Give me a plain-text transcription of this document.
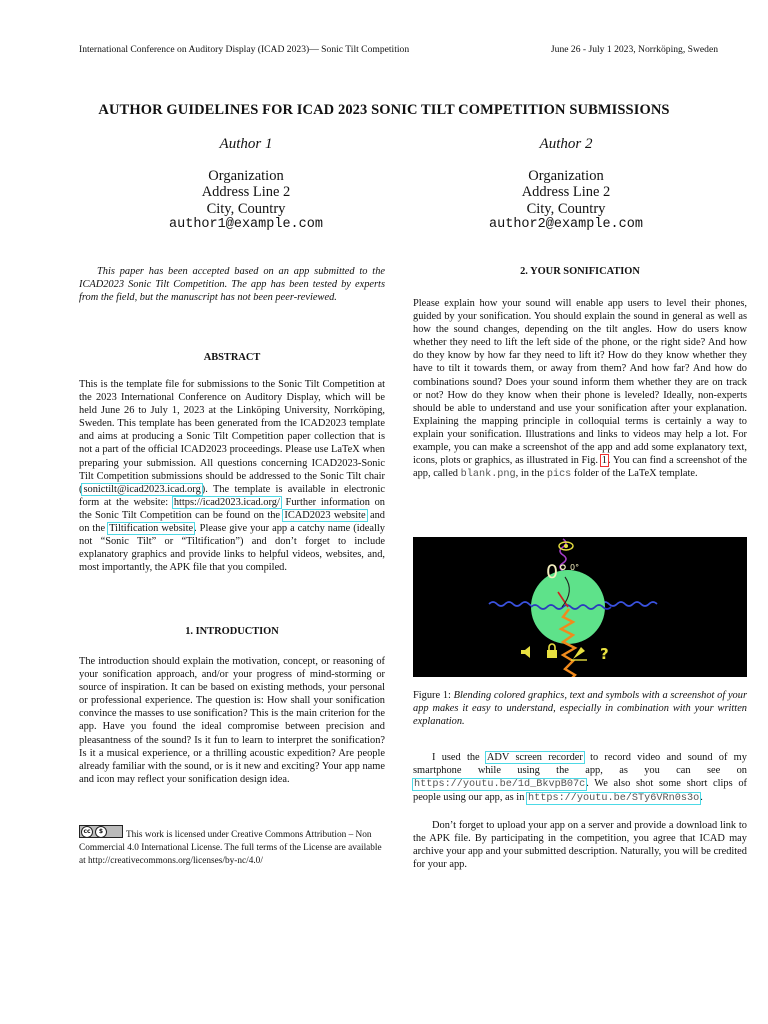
International Conference on Auditory Display (ICAD 2023)— Sonic Tilt Competition	June 26 - July 1 2023, Norrköping, Sweden
AUTHOR GUIDELINES FOR ICAD 2023 SONIC TILT COMPETITION SUBMISSIONS
Author 1
Organization
Address Line 2
City, Country
author1@example.com
Author 2
Organization
Address Line 2
City, Country
author2@example.com
This paper has been accepted based on an app submitted to the ICAD2023 Sonic Tilt Competition. The app has been tested by experts from the field, but the manuscript has not been peer-reviewed.
ABSTRACT
This is the template file for submissions to the Sonic Tilt Competition at the 2023 International Conference on Auditory Display, which will be held June 26 to July 1, 2023 at the Linköping University, Norrköping, Sweden. This template has been generated from the ICAD2023 template and aims at producing a Sonic Tilt Competition paper collection that is not a part of the official ICAD2023 proceedings. Please use LaTeX when preparing your submission. All questions concerning ICAD2023-Sonic Tilt Competition submissions should be addressed to the Sonic Tilt chair (sonictilt@icad2023.icad.org). The template is available in electronic form at the website: https://icad2023.icad.org/ Further information on the Sonic Tilt Competition can be found on the ICAD2023 website and on the Tiltification website. Please give your app a catchy name (ideally not “Sonic Tilt” or “Tiltification”) and don’t forget to include explanatory graphics and provide links to helpful videos, websites, and, most importantly, the APK file that you compiled.
1. INTRODUCTION
The introduction should explain the motivation, concept, or reasoning of your sonification approach, and/or your progress of mind-storming or source of inspiration. It can be based on existing methods, your personal or professional experience. The question is: How shall your sonification convince the masses to use sonification? This is the main criterion for the app. Have you found the ideal compromise between precision and pleasantness of the sound? Is it fun to learn to interpret the sonification? Is it a musical experience, or a thrilling acoustic expedition? Are people already familiar with the sound, or is it new and exciting? Your app name and icon may reflect your sonification design idea.
cc	$	This work is licensed under Creative Commons Attribution – Non Commercial 4.0 International License. The full terms of the License are available at http://creativecommons.org/licenses/by-nc/4.0/
2. YOUR SONIFICATION
Please explain how your sound will enable app users to level their phones, guided by your sonification. You should explain the sound in general as well as how the sound changes, depending on the tilt angles. How do users know whether they need to lift the left side of the phone, or the right side? And how do they know by how far they need to lift it? How do they know whether they have to tilt it towards them, or away from them? And how far? And how do combinations sound? Does your sound inform them whether they are on track or not? How do they know when their phone is leveled? Ideally, non-experts should be able to understand and use your sonification after your explanation. Explaining the mapping principle in colloquial terms is certainly a way to explain your sonification. Illustrations and links to videos may help a lot. For example, you can make a screenshot of the app and add some explanatory text, icons, plots or graphics, as illustrated in Fig. 1. You can find a screenshot of the app, called blank.png, in the pics folder of the LaTeX template.
0° 0°
?
Figure 1: Blending colored graphics, text and symbols with a screenshot of your app makes it easy to understand, especially in combination with your written explanation.
I used the ADV screen recorder to record video and sound of my smartphone while using the app, as you can see on https://youtu.be/1d_BkvpB07c. We also shot some short clips of people using our app, as in https://youtu.be/STy6VRn0s3o.
Don’t forget to upload your app on a server and provide a download link to the APK file. By participating in the competition, you agree that ICAD may archive your app and your submitted description. Naturally, you will be credited for your app.
